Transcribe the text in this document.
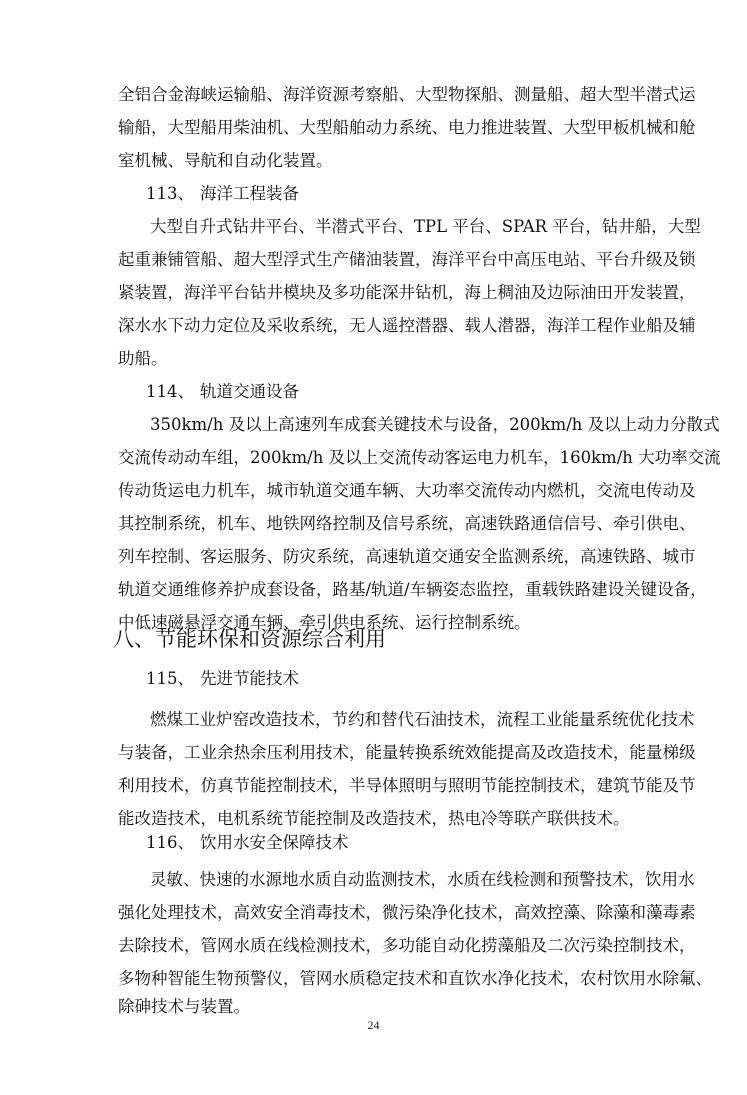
全铝合金海峡运输船、海洋资源考察船、大型物探船、测量船、超大型半潜式运
输船，大型船用柴油机、大型船舶动力系统、电力推进装置、大型甲板机械和舱
室机械、导航和自动化装置。
113、 海洋工程装备
大型自升式钻井平台、半潜式平台、TPL 平台、SPAR 平台，钻井船，大型
起重兼铺管船、超大型浮式生产储油装置，海洋平台中高压电站、平台升级及锁
紧装置，海洋平台钻井模块及多功能深井钻机，海上稠油及边际油田开发装置，
深水水下动力定位及采收系统，无人遥控潜器、载人潜器，海洋工程作业船及辅
助船。
114、 轨道交通设备
350km/h 及以上高速列车成套关键技术与设备，200km/h 及以上动力分散式
交流传动动车组，200km/h 及以上交流传动客运电力机车，160km/h 大功率交流
传动货运电力机车，城市轨道交通车辆、大功率交流传动内燃机，交流电传动及
其控制系统，机车、地铁网络控制及信号系统，高速铁路通信信号、牵引供电、
列车控制、客运服务、防灾系统，高速轨道交通安全监测系统，高速铁路、城市
轨道交通维修养护成套设备，路基/轨道/车辆姿态监控，重载铁路建设关键设备，
中低速磁悬浮交通车辆、牵引供电系统、运行控制系统。
八、节能环保和资源综合利用
115、 先进节能技术
燃煤工业炉窑改造技术，节约和替代石油技术，流程工业能量系统优化技术
与装备，工业余热余压利用技术，能量转换系统效能提高及改造技术，能量梯级
利用技术，仿真节能控制技术，半导体照明与照明节能控制技术，建筑节能及节
能改造技术，电机系统节能控制及改造技术，热电冷等联产联供技术。
116、 饮用水安全保障技术
灵敏、快速的水源地水质自动监测技术，水质在线检测和预警技术，饮用水
强化处理技术，高效安全消毒技术，微污染净化技术，高效控藻、除藻和藻毒素
去除技术，管网水质在线检测技术，多功能自动化捞藻船及二次污染控制技术，
多物种智能生物预警仪，管网水质稳定技术和直饮水净化技术，农村饮用水除氟、
除砷技术与装置。
24
